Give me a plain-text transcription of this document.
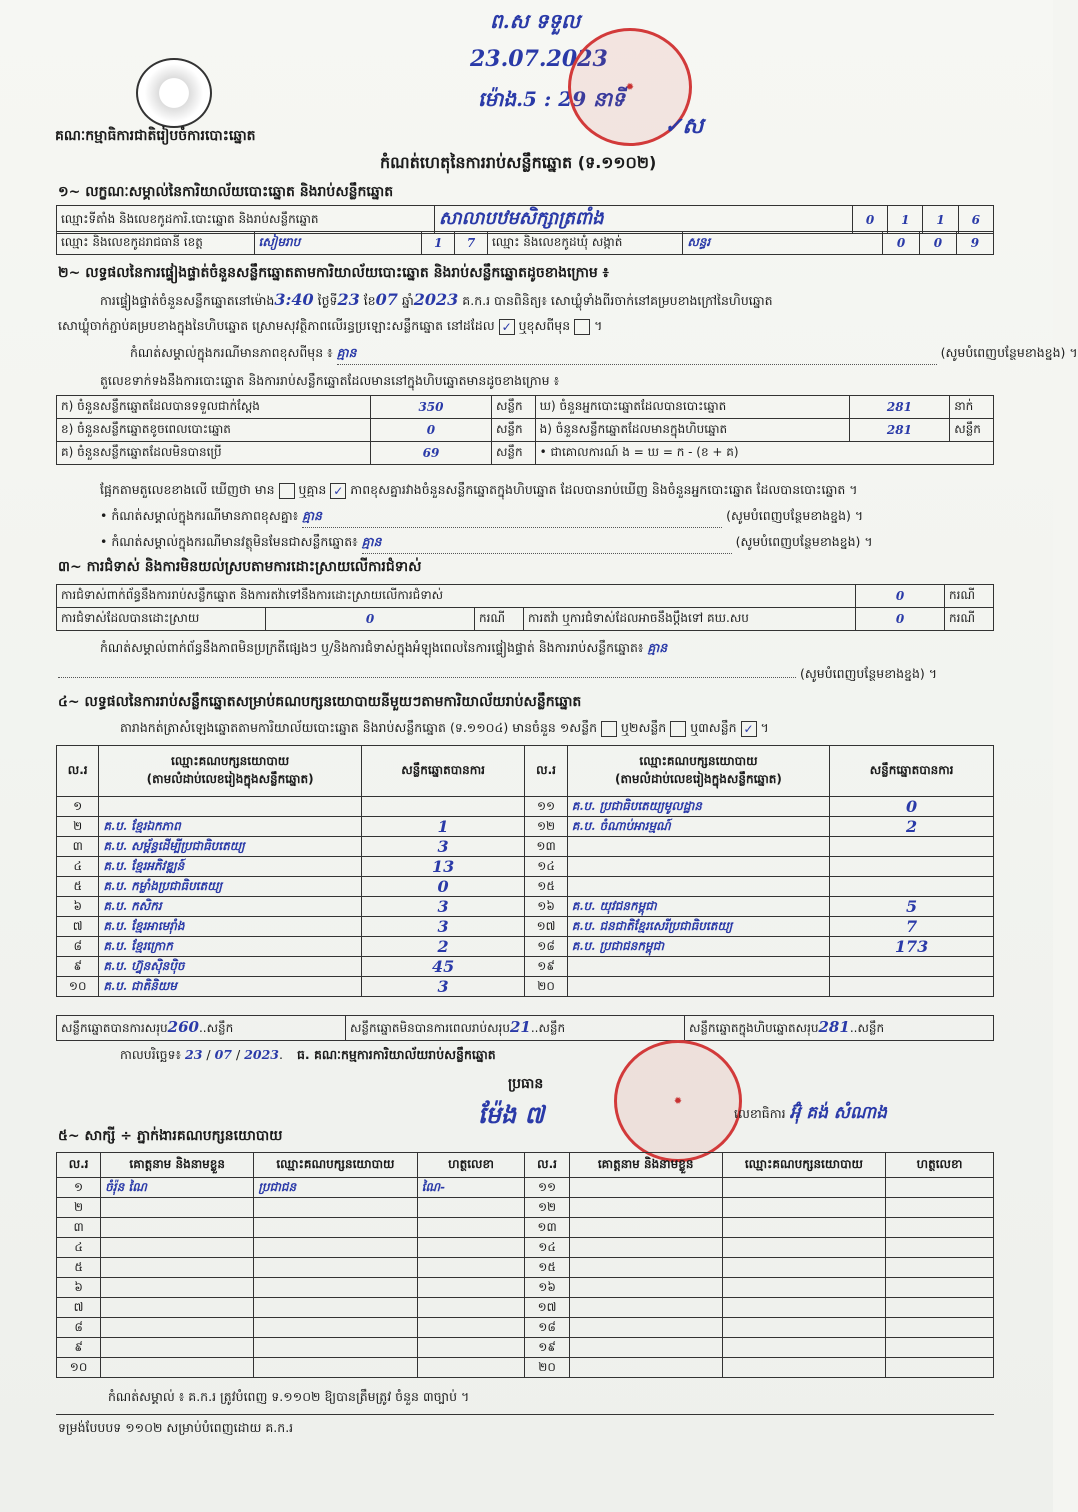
គណៈកម្មាធិការជាតិរៀបចំការបោះឆ្នោត
ព.ស ទទួល
23.07.2023
ម៉ោង.5 : 29 នាទី ✹
✓ស
កំណត់ហេតុនៃការរាប់សន្លឹកឆ្នោត (ទ.១១០២)
១~ លក្ខណៈសម្គាល់នៃការិយាល័យបោះឆ្នោត និងរាប់សន្លឹកឆ្នោត
ឈ្មោះទីតាំង និងលេខកូដការិ.បោះឆ្នោត និងរាប់សន្លឹកឆ្នោត	សាលាបឋមសិក្សាត្រពាំង	0	1	1	6
ឈ្មោះ និងលេខកូដរាជធានី ខេត្ត	សៀមរាប	1	7	ឈ្មោះ និងលេខកូដឃុំ សង្កាត់	សន្ធរ	0	0	9
២~ លទ្ធផលនៃការផ្ទៀងផ្ទាត់ចំនួនសន្លឹកឆ្នោតតាមការិយាល័យបោះឆ្នោត និងរាប់សន្លឹកឆ្នោតដូចខាងក្រោម ៖
ការផ្ទៀងផ្ទាត់ចំនួនសន្លឹកឆ្នោតនៅម៉ោង3:40 ថ្ងៃទី23 ខែ07 ឆ្នាំ2023 គ.ក.រ បានពិនិត្យ៖ សោឃ្លុំទាំងពីរចាក់នៅគម្របខាងក្រៅនៃហិបឆ្នោត
សោឃ្លុំចាក់ភ្ជាប់គម្របខាងក្នុងនៃហិបឆ្នោត ស្រោមសុវត្ថិភាពលើរន្ធប្រឡោះសន្លឹកឆ្នោត នៅដដែល ✓ ឬខុសពីមុន  ។
កំណត់សម្គាល់ក្នុងករណីមានភាពខុសពីមុន ៖ គ្មាន	(សូមបំពេញបន្ថែមខាងខ្នង) ។
តួលេខទាក់ទងនឹងការបោះឆ្នោត និងការរាប់សន្លឹកឆ្នោតដែលមាននៅក្នុងហិបឆ្នោតមានដូចខាងក្រោម ៖
ក) ចំនួនសន្លឹកឆ្នោតដែលបានទទួលជាក់ស្តែង	350	សន្លឹក	ឃ) ចំនួនអ្នកបោះឆ្នោតដែលបានបោះឆ្នោត	281	នាក់
ខ) ចំនួនសន្លឹកឆ្នោតខូចពេលបោះឆ្នោត	0	សន្លឹក	ង) ចំនួនសន្លឹកឆ្នោតដែលមានក្នុងហិបឆ្នោត	281	សន្លឹក
គ) ចំនួនសន្លឹកឆ្នោតដែលមិនបានប្រើ	69	សន្លឹក	• ជាគោលការណ៍ ង = ឃ = ក - (ខ + គ)		
ផ្អែកតាមតួលេខខាងលើ ឃើញថា មាន ឬគ្មាន ✓ ភាពខុសគ្នារវាងចំនួនសន្លឹកឆ្នោតក្នុងហិបឆ្នោត ដែលបានរាប់ឃើញ និងចំនួនអ្នកបោះឆ្នោត ដែលបានបោះឆ្នោត ។
• កំណត់សម្គាល់ក្នុងករណីមានភាពខុសគ្នា៖ គ្មាន	(សូមបំពេញបន្ថែមខាងខ្នង) ។
• កំណត់សម្គាល់ក្នុងករណីមានវត្ថុមិនមែនជាសន្លឹកឆ្នោត៖ គ្មាន	(សូមបំពេញបន្ថែមខាងខ្នង) ។
៣~ ការជំទាស់ និងការមិនយល់ស្របតាមការដោះស្រាយលើការជំទាស់
ការជំទាស់ពាក់ព័ន្ធនឹងការរាប់សន្លឹកឆ្នោត និងការតវ៉ាទៅនឹងការដោះស្រាយលើការជំទាស់				0	ករណី
ការជំទាស់ដែលបានដោះស្រាយ	0	ករណី	ការតវ៉ា ឬការជំទាស់ដែលអាចនឹងប្តឹងទៅ គឃ.សប	0	ករណី
កំណត់សម្គាល់ពាក់ព័ន្ធនឹងភាពមិនប្រក្រតីផ្សេងៗ ឬ/និងការជំទាស់ក្នុងអំឡុងពេលនៃការផ្ទៀងផ្ទាត់ និងការរាប់សន្លឹកឆ្នោត៖ គ្មាន
(សូមបំពេញបន្ថែមខាងខ្នង) ។
៤~ លទ្ធផលនៃការរាប់សន្លឹកឆ្នោតសម្រាប់គណបក្សនយោបាយនីមួយៗតាមការិយាល័យរាប់សន្លឹកឆ្នោត
តារាងកត់ត្រាសំឡេងឆ្នោតតាមការិយាល័យបោះឆ្នោត និងរាប់សន្លឹកឆ្នោត (ទ.១១០៤) មានចំនួន ១សន្លឹក ឬ២សន្លឹក ឬ៣សន្លឹក ✓ ។
ល.រ	ឈ្មោះគណបក្សនយោបាយ
(តាមលំដាប់លេខរៀងក្នុងសន្លឹកឆ្នោត)	សន្លឹកឆ្នោតបានការ	ល.រ	ឈ្មោះគណបក្សនយោបាយ
(តាមលំដាប់លេខរៀងក្នុងសន្លឹកឆ្នោត)	សន្លឹកឆ្នោតបានការ
១			១១	គ.ប. ប្រជាធិបតេយ្យមូលដ្ឋាន	0
២	គ.ប. ខ្មែរឯកភាព	1	១២	គ.ប. ចំណាប់អារម្មណ៍	2
៣	គ.ប. សម្ព័ន្ធដើម្បីប្រជាធិបតេយ្យ	3	១៣		
៤	គ.ប. ខ្មែរអភិវឌ្ឍន៍	13	១៤		
៥	គ.ប. កម្លាំងប្រជាធិបតេយ្យ	0	១៥		
៦	គ.ប. កសិករ	3	១៦	គ.ប. យុវជនកម្ពុជា	5
៧	គ.ប. ខ្មែរអាមេរ៉ាំង	3	១៧	គ.ប. ជនជាតិខ្មែរសេរីប្រជាធិបតេយ្យ	7
៨	គ.ប. ខ្មែរក្រោក	2	១៨	គ.ប. ប្រជាជនកម្ពុជា	173
៩	គ.ប. ហ្វ៊ុនស៊ិនប៉ិច	45	១៩		
១០	គ.ប. ជាតិនិយម	3	២០		
សន្លឹកឆ្នោតបានការសរុប260..សន្លឹក	សន្លឹកឆ្នោតមិនបានការពេលរាប់សរុប21..សន្លឹក	សន្លឹកឆ្នោតក្នុងហិបឆ្នោតសរុប281..សន្លឹក
កាលបរិច្ឆេទ៖ 23 / 07 / 2023. ធ. គណៈកម្មការការិយាល័យរាប់សន្លឹកឆ្នោត
ប្រធាន
ម៉ែង ៧	✹
លេខាធិការ អ៊ុំ គង់ សំណាង
៥~ សាក្សី ÷ ភ្នាក់ងារគណបក្សនយោបាយ
ល.រ	គោត្តនាម និងនាមខ្លួន	ឈ្មោះគណបក្សនយោបាយ	ហត្ថលេខា	ល.រ	គោត្តនាម និងនាមខ្លួន	ឈ្មោះគណបក្សនយោបាយ	ហត្ថលេខា
១	ចំរ៉ុន ណៃ	ប្រជាជន	ណៃ-	១១			
២				១២			
៣				១៣			
៤				១៤			
៥				១៥			
៦				១៦			
៧				១៧			
៨				១៨			
៩				១៩			
១០				២០			
កំណត់សម្គាល់ ៖ គ.ក.រ ត្រូវបំពេញ ទ.១១០២ ឱ្យបានត្រឹមត្រូវ ចំនួន ៣ច្បាប់ ។
ទម្រង់បែបបទ ១១០២ សម្រាប់បំពេញដោយ គ.ក.រ
